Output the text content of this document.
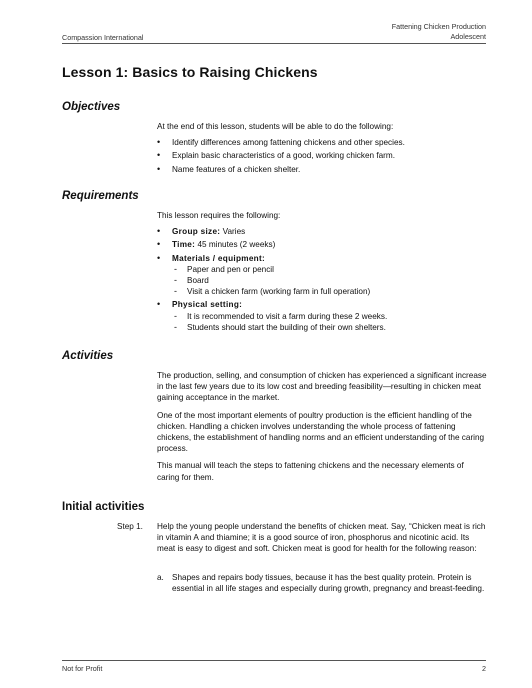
Compassion International
Fattening Chicken Production
Adolescent
Lesson 1: Basics to Raising Chickens
Objectives

At the end of this lesson, students will be able to do the following:

• Identify differences among fattening chickens and other species.
• Explain basic characteristics of a good, working chicken farm.
• Name features of a chicken shelter.
Requirements

This lesson requires the following:

• Group size: Varies
• Time: 45 minutes (2 weeks)
• Materials / equipment:
- Paper and pen or pencil
- Board
- Visit a chicken farm (working farm in full operation)
• Physical setting:
- It is recommended to visit a farm during these 2 weeks.
- Students should start the building of their own shelters.
Activities

The production, selling, and consumption of chicken has experienced a significant increase in the last few years due to its low cost and breeding feasibility—resulting in chicken meat gaining acceptance in the market.

One of the most important elements of poultry production is the efficient handling of the chicken. Handling a chicken involves understanding the whole process of fattening chickens, the establishment of handling norms and an efficient understanding of the caring process.

This manual will teach the steps to fattening chickens and the necessary elements of caring for them.

Initial activities
Step 1. Help the young people understand the benefits of chicken meat. Say, “Chicken meat is rich in vitamin A and thiamine; it is a good source of iron, phosphorus and nicotinic acid. Its meat is easy to digest and soft. Chicken meat is good for health for the following reason:
a. Shapes and repairs body tissues, because it has the best quality protein. Protein is essential in all life stages and especially during growth, pregnancy and breast-feeding.
Not for Profit	2
